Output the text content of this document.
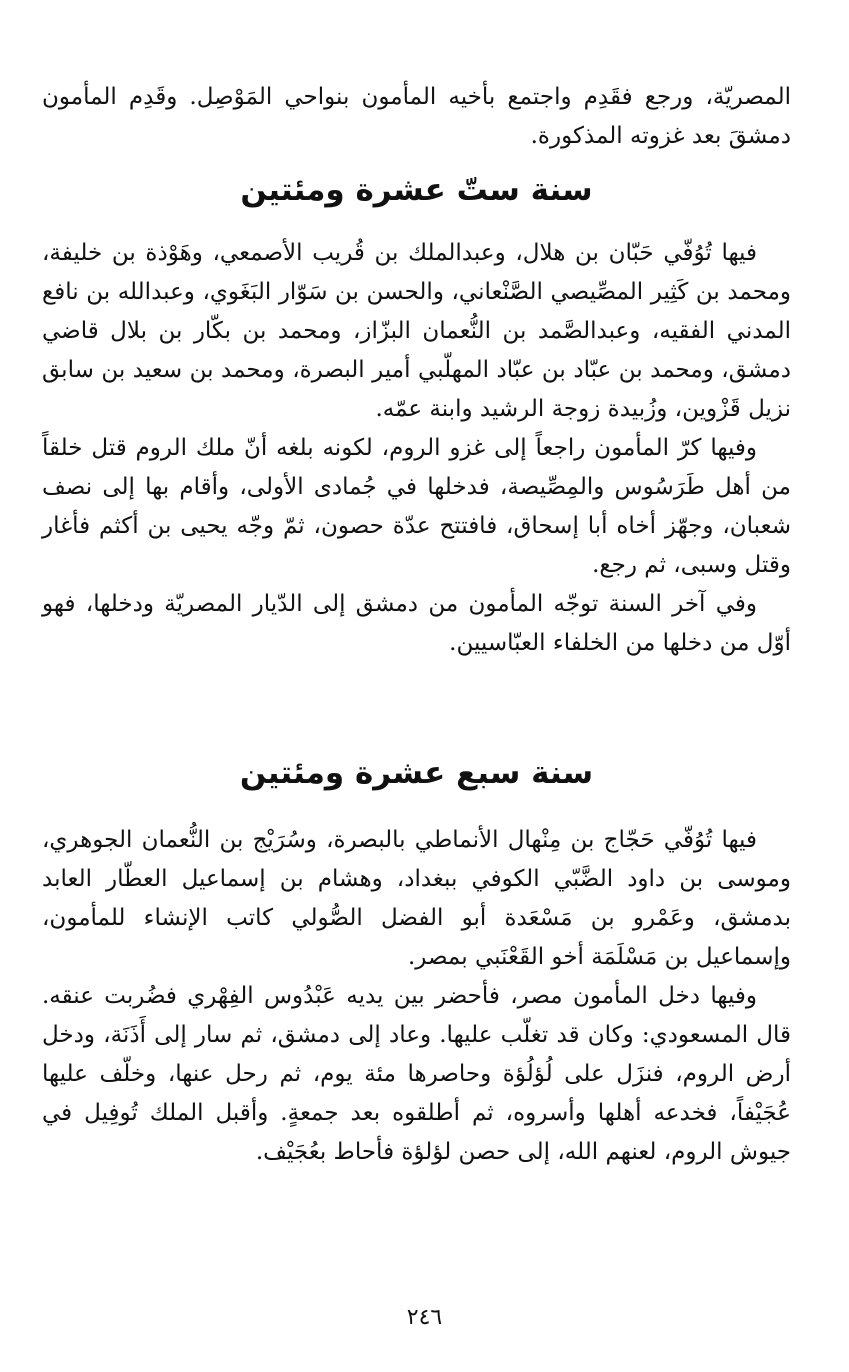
المصريّة، ورجع فقَدِم واجتمع بأخيه المأمون بنواحي المَوْصِل. وقَدِم المأمون دمشقَ بعد غزوته المذكورة.

سنة ستّ عشرة ومئتين

فيها تُوُفّي حَبّان بن هلال، وعبدالملك بن قُريب الأصمعي، وهَوْذة بن خليفة، ومحمد بن كَثِير المصِّيصي الصَّنْعاني، والحسن بن سَوّار البَغَوي، وعبدالله بن نافع المدني الفقيه، وعبدالصَّمد بن النُّعمان البزّاز، ومحمد بن بكّار بن بلال قاضي دمشق، ومحمد بن عبّاد بن عبّاد المهلّبي أمير البصرة، ومحمد بن سعيد بن سابق نزيل قَزْوين، وزُبيدة زوجة الرشيد وابنة عمّه.

وفيها كرّ المأمون راجعاً إلى غزو الروم، لكونه بلغه أنّ ملك الروم قتل خلقاً من أهل طَرَسُوس والمِصِّيصة، فدخلها في جُمادى الأولى، وأقام بها إلى نصف شعبان، وجهّز أخاه أبا إسحاق، فافتتح عدّة حصون، ثمّ وجّه يحيى بن أكثم فأغار وقتل وسبى، ثم رجع.

وفي آخر السنة توجّه المأمون من دمشق إلى الدّيار المصريّة ودخلها، فهو أوّل من دخلها من الخلفاء العبّاسيين.

سنة سبع عشرة ومئتين

فيها تُوُفّي حَجّاج بن مِنْهال الأنماطي بالبصرة، وسُرَيْج بن النُّعمان الجوهري، وموسى بن داود الضَّبّي الكوفي ببغداد، وهشام بن إسماعيل العطّار العابد بدمشق، وعَمْرو بن مَسْعَدة أبو الفضل الصُّولي كاتب الإنشاء للمأمون، وإسماعيل بن مَسْلَمَة أخو القَعْنَبي بمصر.

وفيها دخل المأمون مصر، فأحضر بين يديه عَبْدُوس الفِهْري فضُربت عنقه. قال المسعودي: وكان قد تغلّب عليها. وعاد إلى دمشق، ثم سار إلى أَذَنَة، ودخل أرض الروم، فنزَل على لُؤلُؤة وحاصرها مئة يوم، ثم رحل عنها، وخلّف عليها عُجَيْفاً، فخدعه أهلها وأسروه، ثم أطلقوه بعد جمعةٍ. وأقبل الملك تُوفِيل في جيوش الروم، لعنهم الله، إلى حصن لؤلؤة فأحاط بعُجَيْف.

٢٤٦
